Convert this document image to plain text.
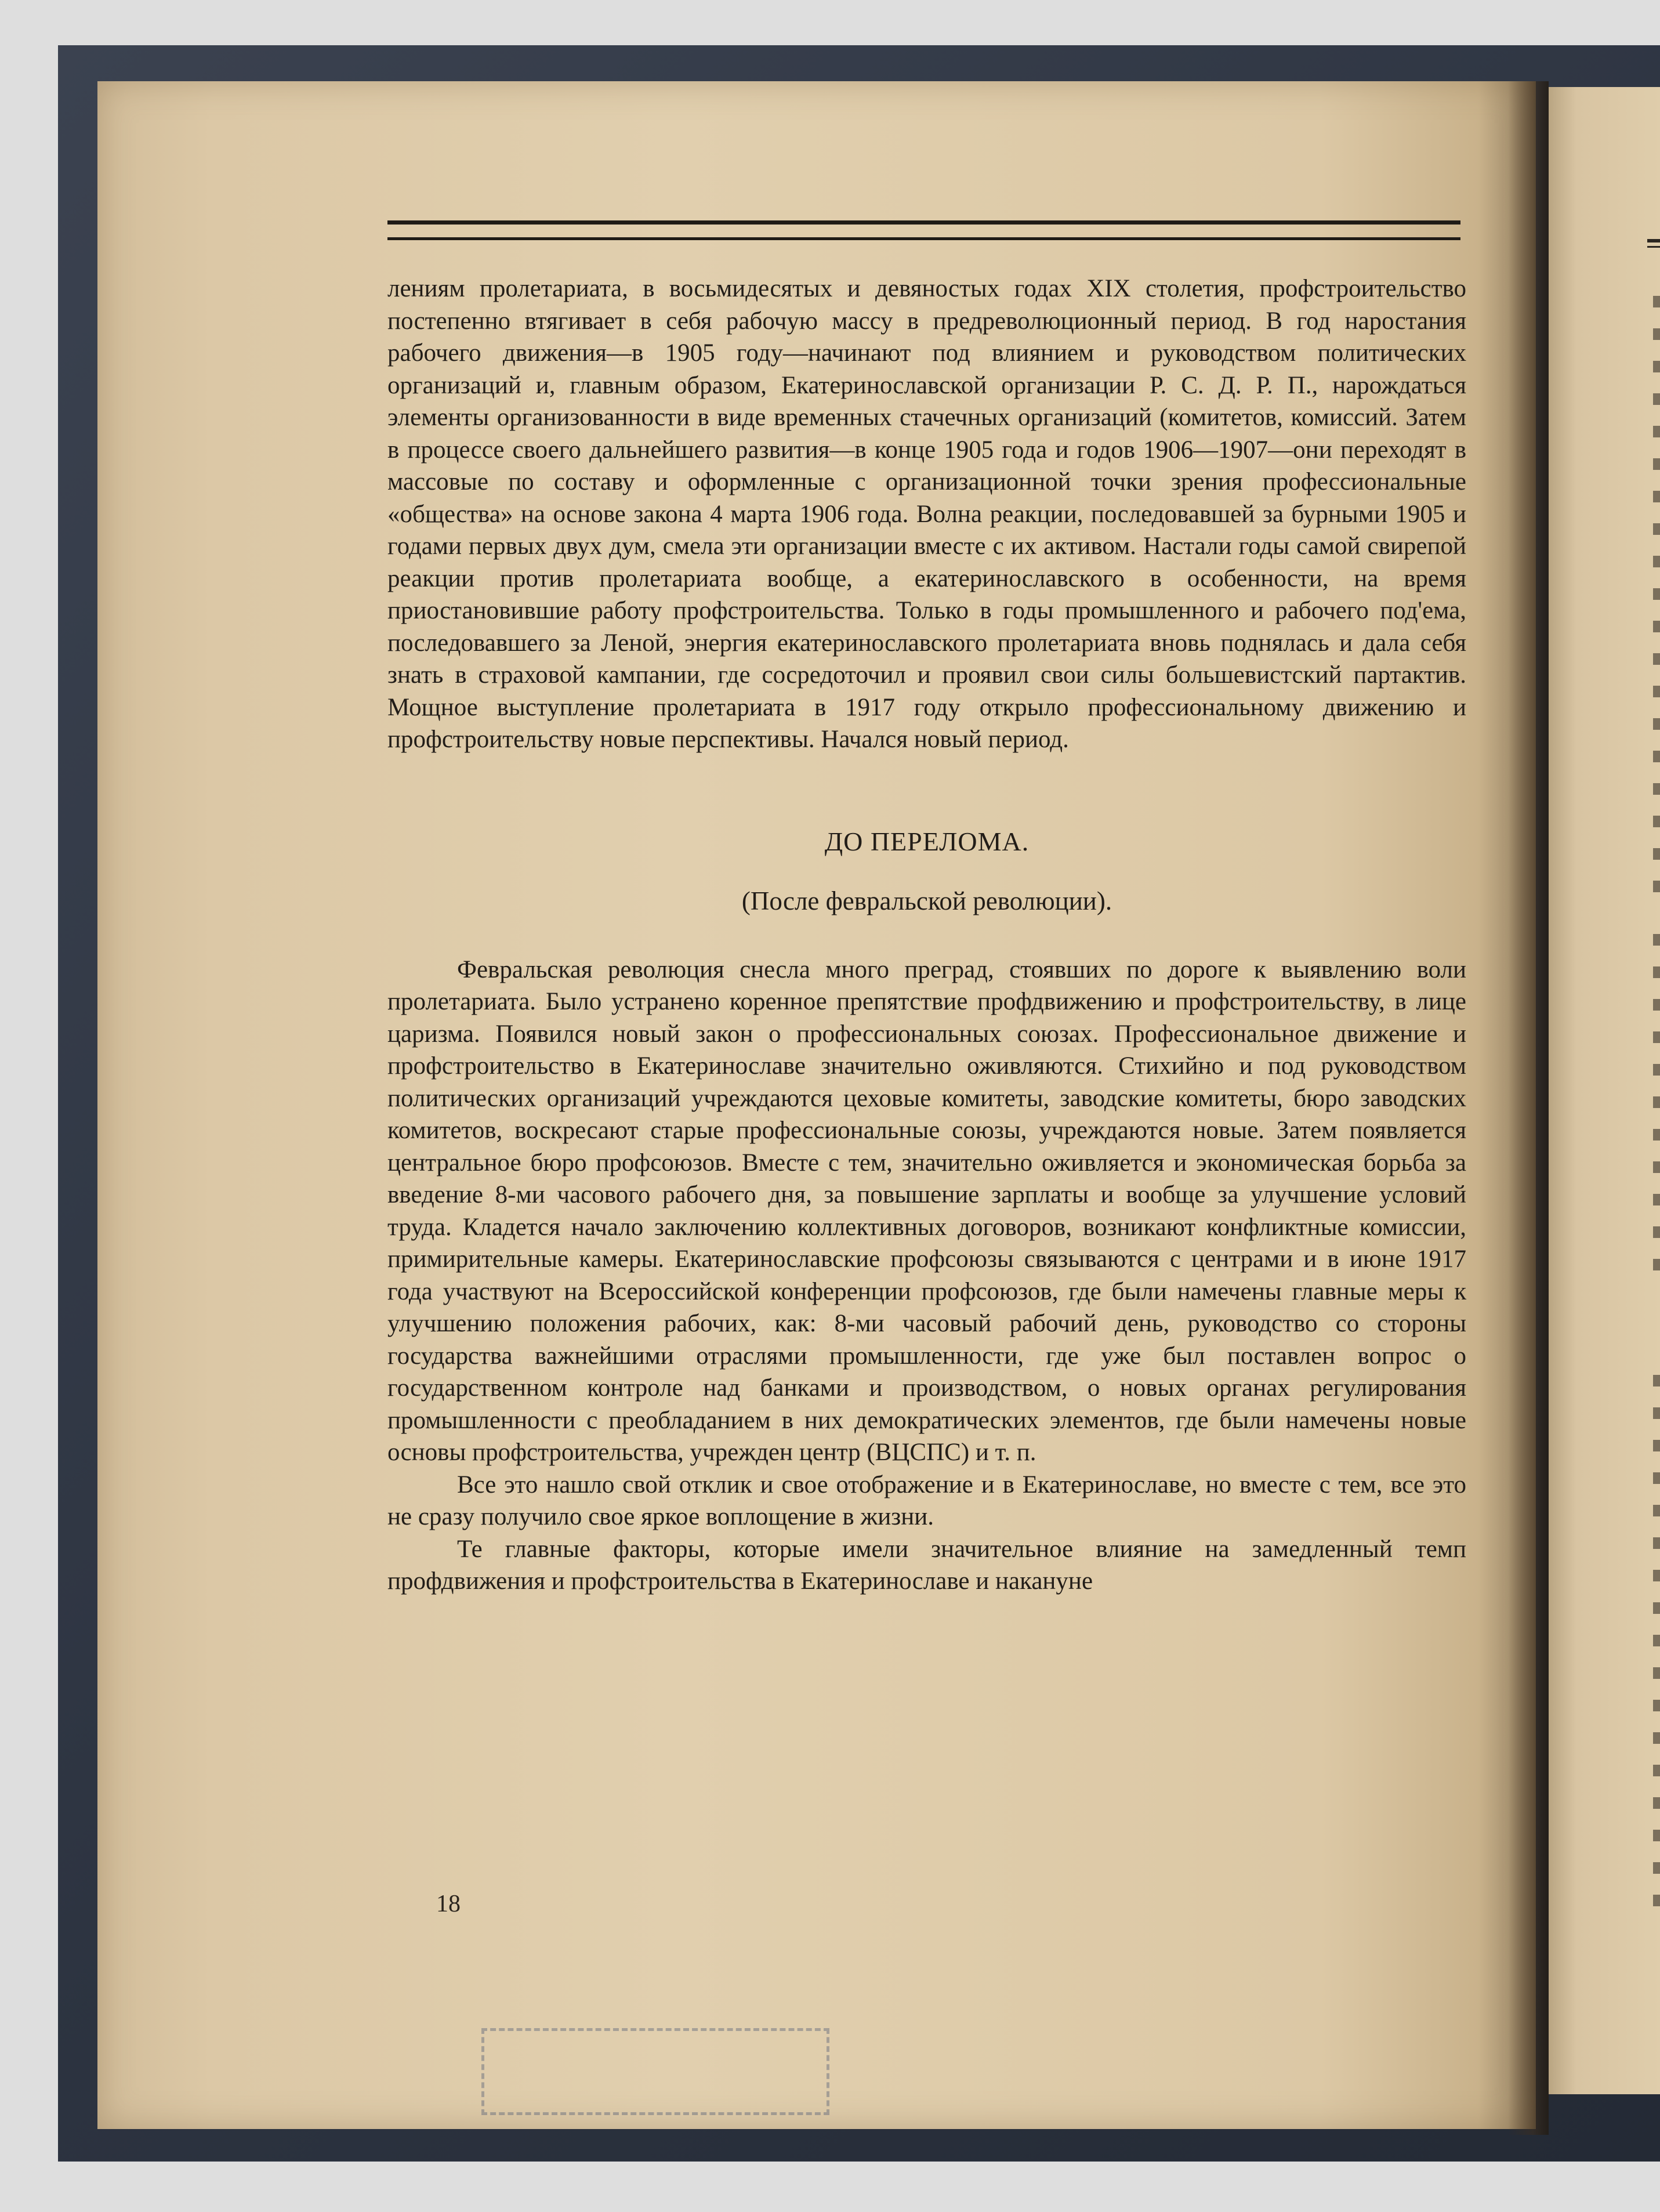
лениям пролетариата, в восьмидесятых и девяностых годах XIX столетия, профстроительство постепенно втягивает в себя рабочую массу в предреволюционный период. В год наростания рабочего движения—в 1905 году—начинают под влиянием и руководством политических организаций и, главным образом, Екатеринославской организации Р. С. Д. Р. П., нарождаться элементы организованности в виде временных стачечных организаций (комитетов, комиссий. Затем в процессе своего дальнейшего развития—в конце 1905 года и годов 1906—1907—они переходят в массовые по составу и оформленные с организационной точки зрения профессиональные «общества» на основе закона 4 марта 1906 года. Волна реакции, последовавшей за бурными 1905 и годами первых двух дум, смела эти организации вместе с их активом. Настали годы самой свирепой реакции против пролетариата вообще, а екатеринославского в особенности, на время приостановившие работу профстроительства. Только в годы промышленного и рабочего под'ема, последовавшего за Леной, энергия екатеринославского пролетариата вновь поднялась и дала себя знать в страховой кампании, где сосредоточил и проявил свои силы большевистский партактив. Мощное выступление пролетариата в 1917 году открыло профессиональному движению и профстроительству новые перспективы. Начался новый период.

ДО ПЕРЕЛОМА.

(После февральской революции).

Февральская революция снесла много преград, стоявших по дороге к выявлению воли пролетариата. Было устранено коренное препятствие профдвижению и профстроительству, в лице царизма. Появился новый закон о профессиональных союзах. Профессиональное движение и профстроительство в Екатеринославе значительно оживляются. Стихийно и под руководством политических организаций учреждаются цеховые комитеты, заводские комитеты, бюро заводских комитетов, воскресают старые профессиональные союзы, учреждаются новые. Затем появляется центральное бюро профсоюзов. Вместе с тем, значительно оживляется и экономическая борьба за введение 8-ми часового рабочего дня, за повышение зарплаты и вообще за улучшение условий труда. Кладется начало заключению коллективных договоров, возникают конфликтные комиссии, примирительные камеры. Екатеринославские профсоюзы связываются с центрами и в июне 1917 года участвуют на Всероссийской конференции профсоюзов, где были намечены главные меры к улучшению положения рабочих, как: 8-ми часовый рабочий день, руководство со стороны государства важнейшими отраслями промышленности, где уже был поставлен вопрос о государственном контроле над банками и производством, о новых органах регулирования промышленности с преобладанием в них демократических элементов, где были намечены новые основы профстроительства, учрежден центр (ВЦСПС) и т. п.

Все это нашло свой отклик и свое отображение и в Екатеринославе, но вместе с тем, все это не сразу получило свое яркое воплощение в жизни.

Те главные факторы, которые имели значительное влияние на замедленный темп профдвижения и профстроительства в Екатеринославе и накануне

18
